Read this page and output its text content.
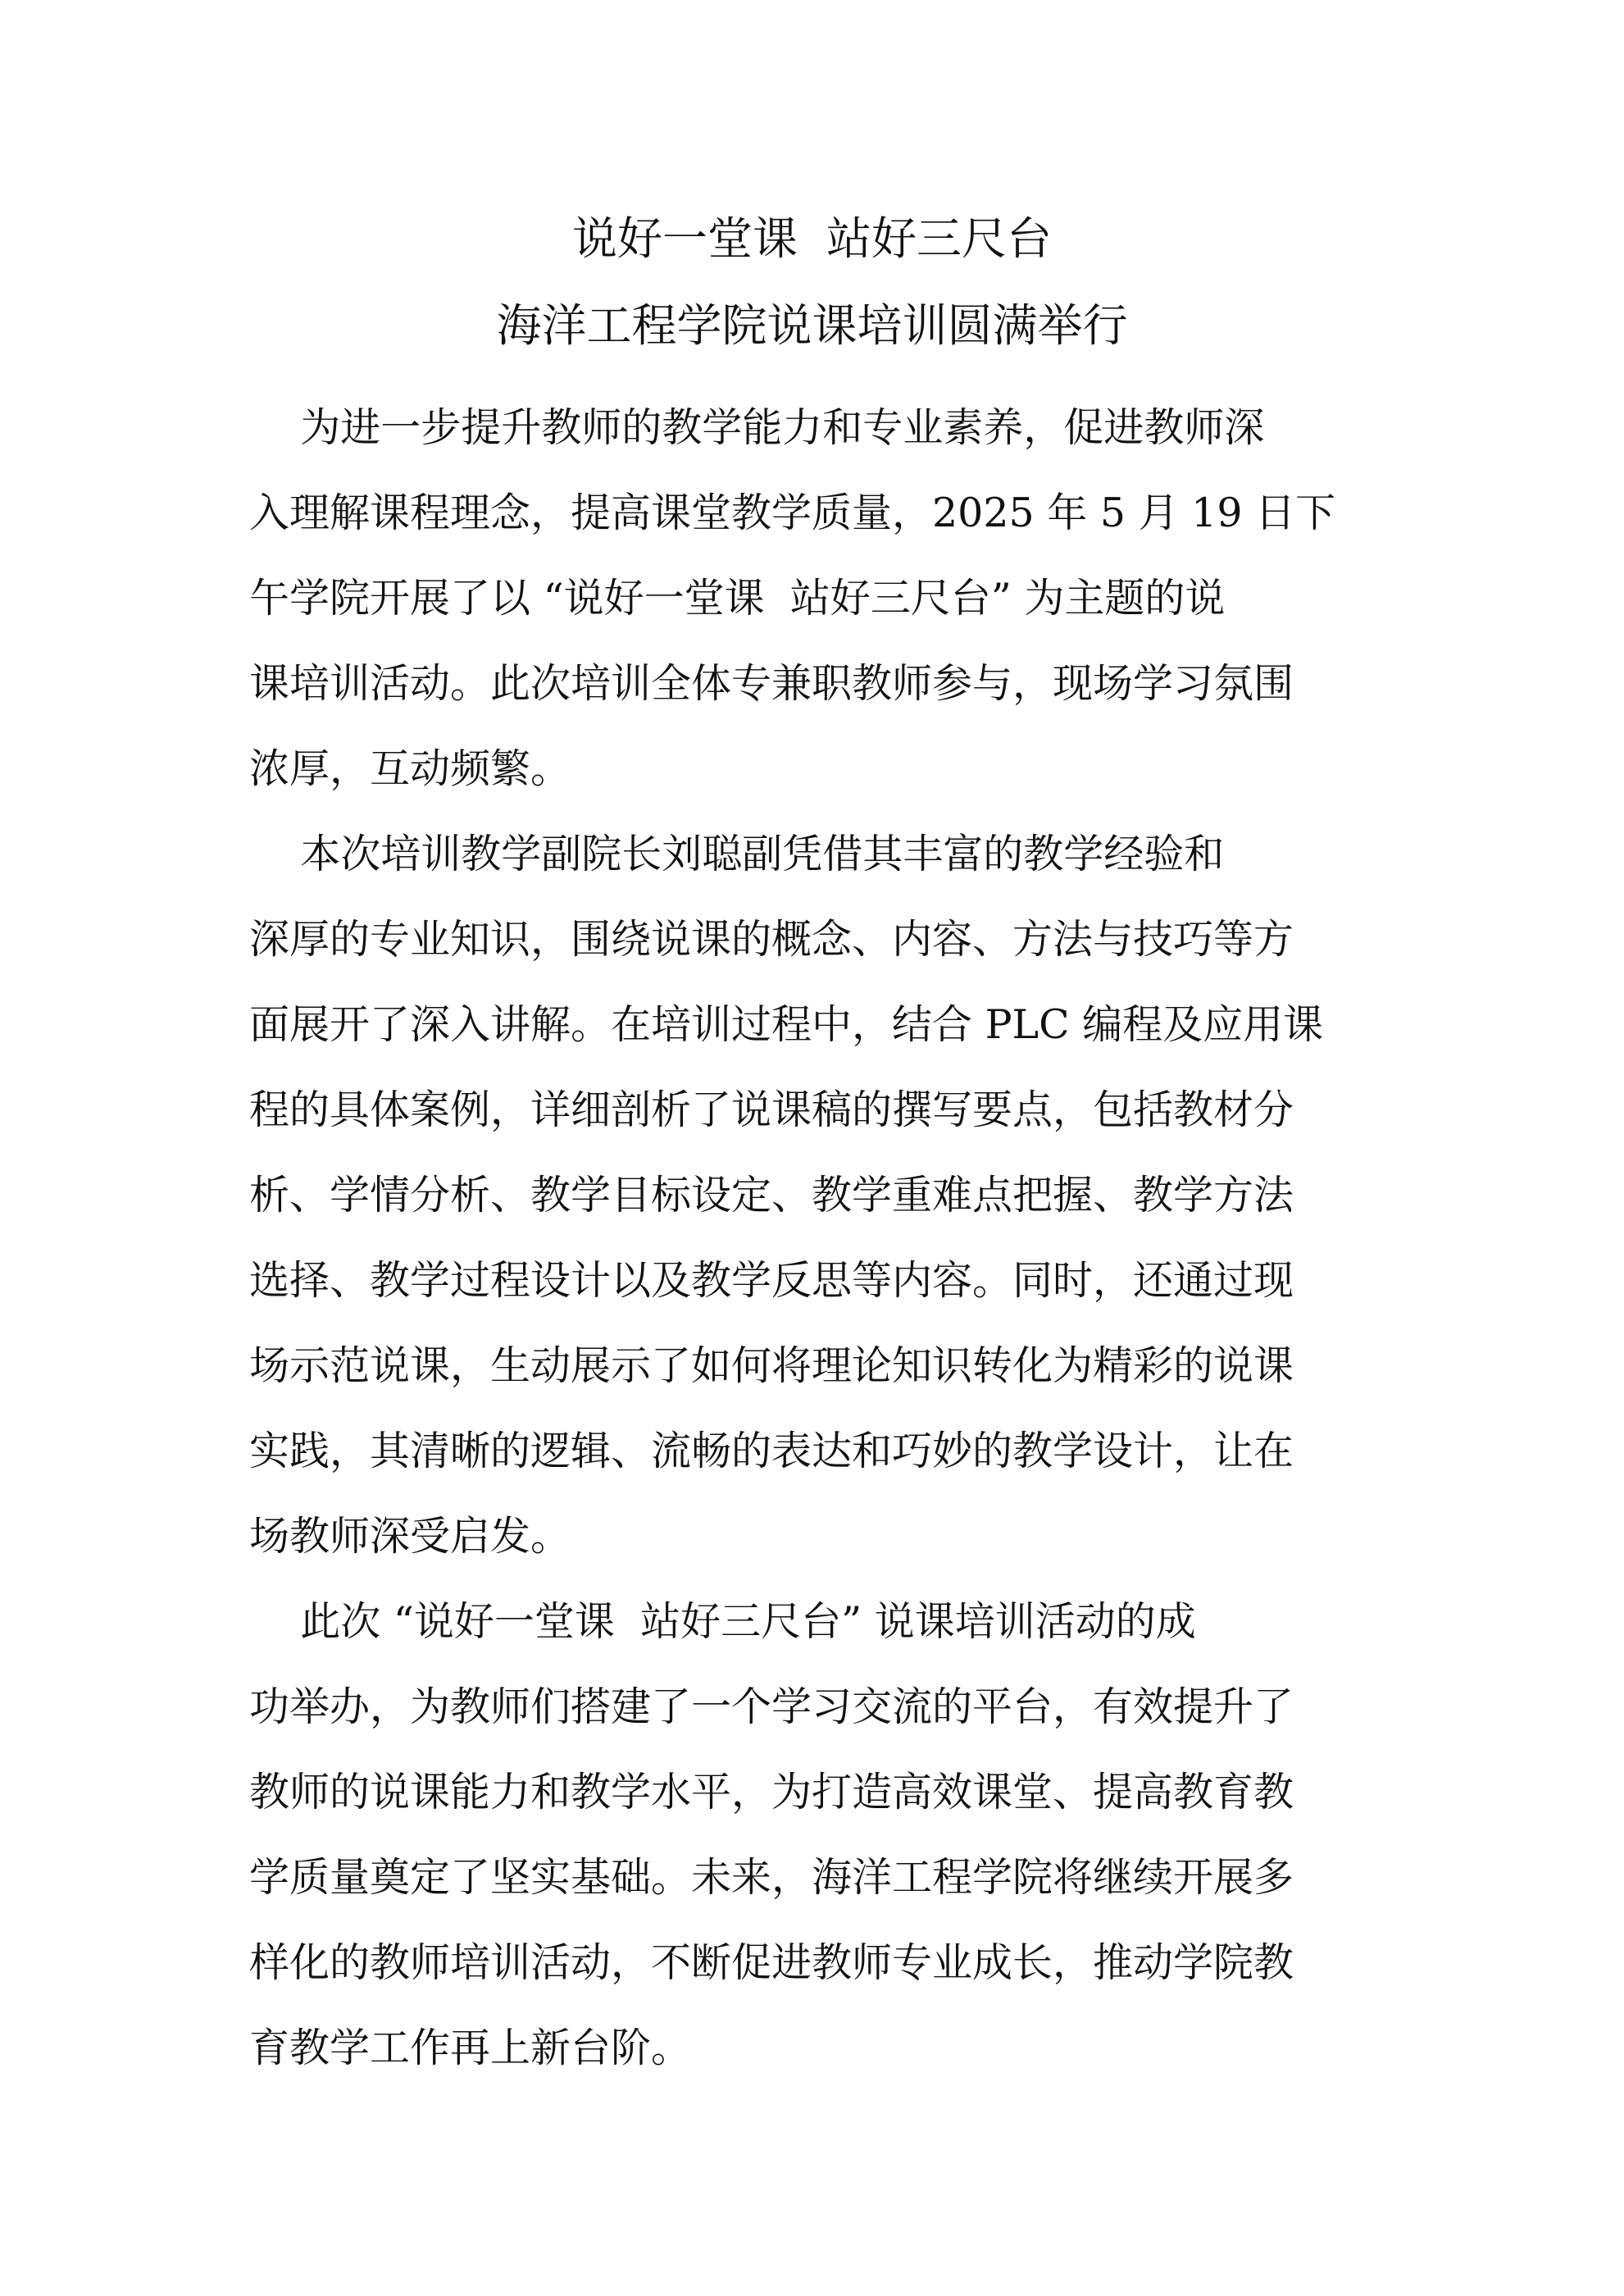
说好一堂课  站好三尺台
海洋工程学院说课培训圆满举行

为进一步提升教师的教学能力和专业素养，促进教师深
入理解课程理念，提高课堂教学质量，2025 年 5 月 19 日下
午学院开展了以 “说好一堂课  站好三尺台” 为主题的说
课培训活动。此次培训全体专兼职教师参与，现场学习氛围
浓厚，互动频繁。

本次培训教学副院长刘聪副凭借其丰富的教学经验和
深厚的专业知识，围绕说课的概念、内容、方法与技巧等方
面展开了深入讲解。在培训过程中，结合 PLC 编程及应用课
程的具体案例，详细剖析了说课稿的撰写要点，包括教材分
析、学情分析、教学目标设定、教学重难点把握、教学方法
选择、教学过程设计以及教学反思等内容。同时，还通过现
场示范说课，生动展示了如何将理论知识转化为精彩的说课
实践，其清晰的逻辑、流畅的表达和巧妙的教学设计，让在
场教师深受启发。

此次 “说好一堂课  站好三尺台” 说课培训活动的成
功举办，为教师们搭建了一个学习交流的平台，有效提升了
教师的说课能力和教学水平，为打造高效课堂、提高教育教
学质量奠定了坚实基础。未来，海洋工程学院将继续开展多
样化的教师培训活动，不断促进教师专业成长，推动学院教
育教学工作再上新台阶。
